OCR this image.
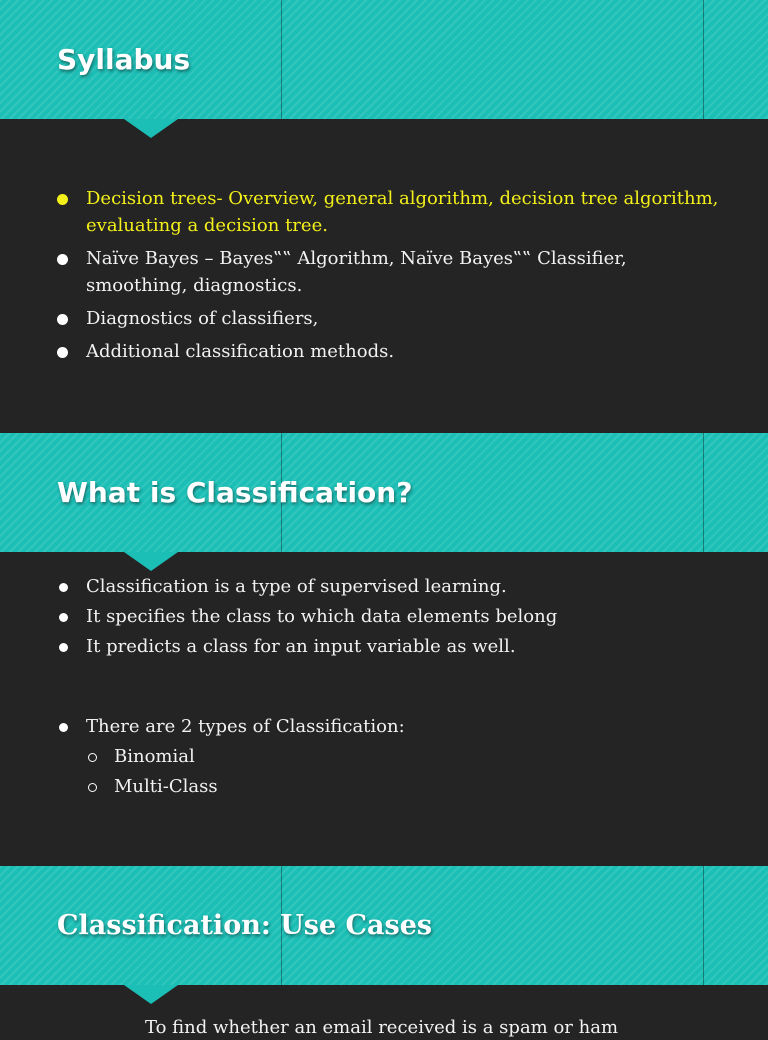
Syllabus
Decision trees- Overview, general algorithm, decision tree algorithm, evaluating a decision tree.
Naïve Bayes – Bayes‟‟ Algorithm, Naïve Bayes‟‟ Classifier, smoothing, diagnostics.
Diagnostics of classifiers,
Additional classification methods.
What is Classification?
Classification is a type of supervised learning.
It specifies the class to which data elements belong
It predicts a class for an input variable as well.
There are 2 types of Classification:
Binomial
Multi-Class
Classification: Use Cases
To find whether an email received is a spam or ham
